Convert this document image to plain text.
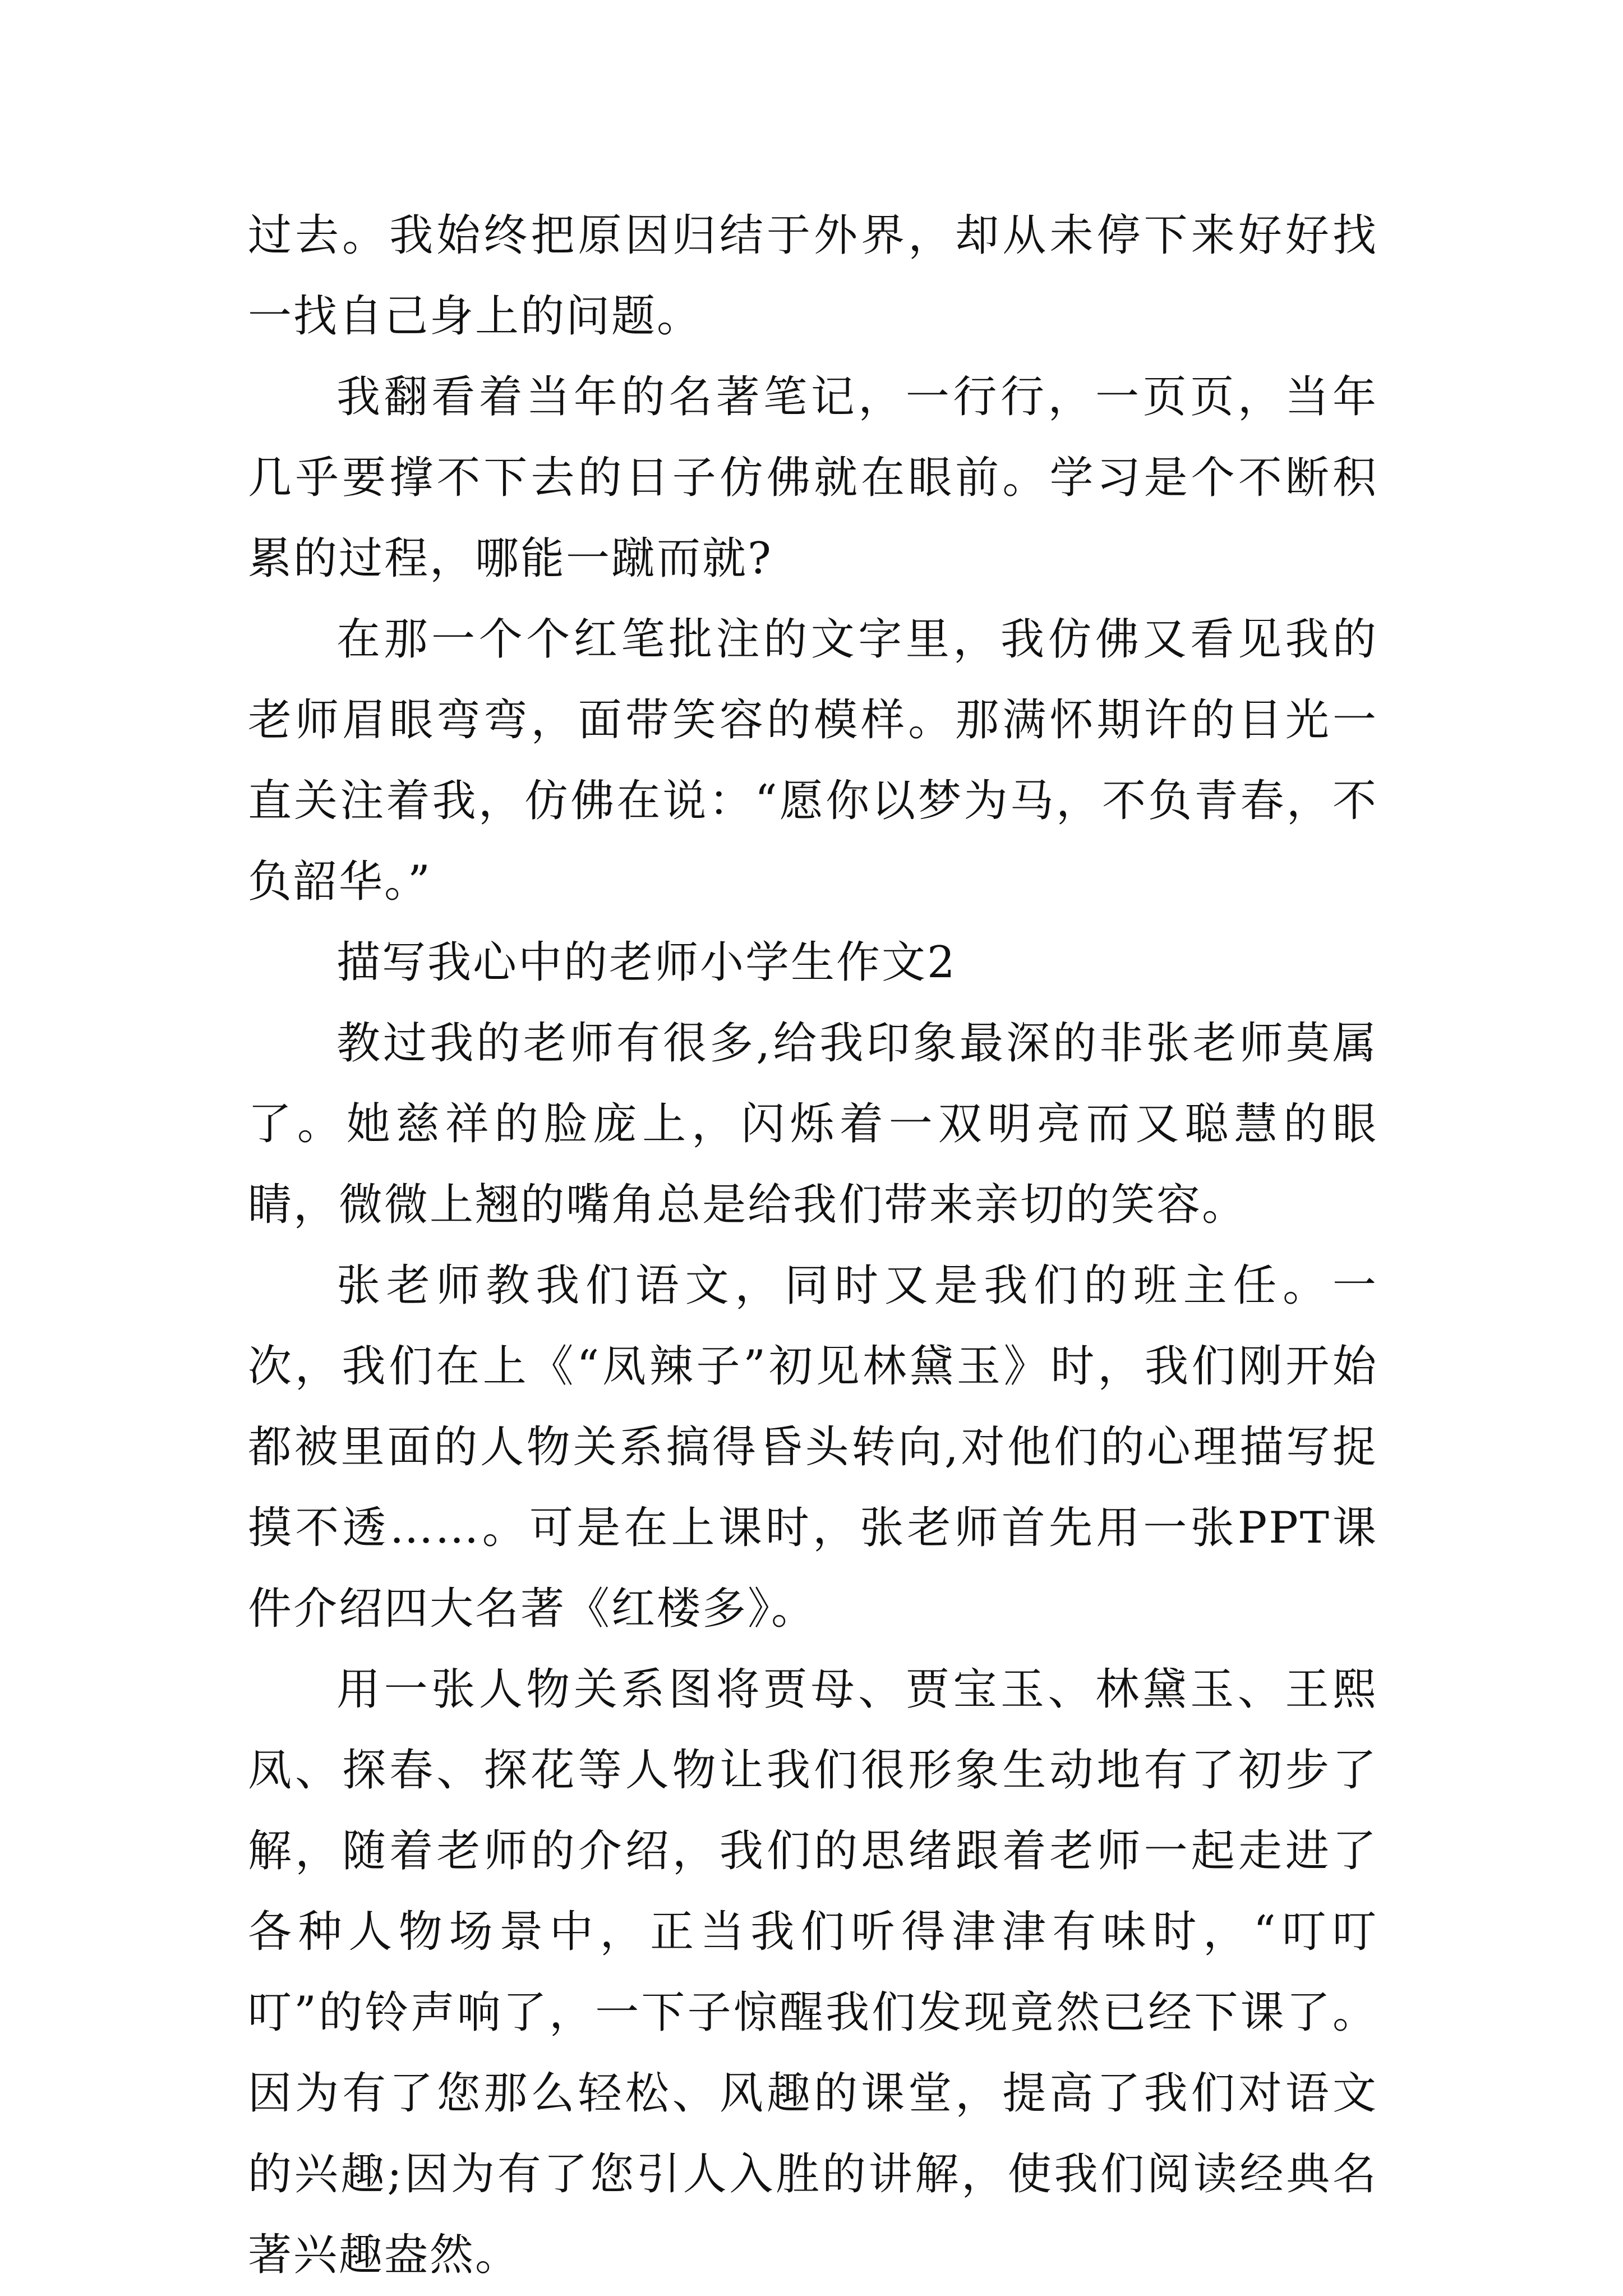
过去。我始终把原因归结于外界，却从未停下来好好找一找自己身上的问题。

我翻看着当年的名著笔记，一行行，一页页，当年几乎要撑不下去的日子仿佛就在眼前。学习是个不断积累的过程，哪能一蹴而就?

在那一个个红笔批注的文字里，我仿佛又看见我的老师眉眼弯弯，面带笑容的模样。那满怀期许的目光一直关注着我，仿佛在说：“愿你以梦为马，不负青春，不负韶华。”

描写我心中的老师小学生作文2

教过我的老师有很多,给我印象最深的非张老师莫属了。她慈祥的脸庞上，闪烁着一双明亮而又聪慧的眼睛，微微上翘的嘴角总是给我们带来亲切的笑容。

张老师教我们语文，同时又是我们的班主任。一次，我们在上《“凤辣子”初见林黛玉》时，我们刚开始都被里面的人物关系搞得昏头转向,对他们的心理描写捉摸不透……。可是在上课时，张老师首先用一张PPT课件介绍四大名著《红楼多》。

用一张人物关系图将贾母、贾宝玉、林黛玉、王熙凤、探春、探花等人物让我们很形象生动地有了初步了解，随着老师的介绍，我们的思绪跟着老师一起走进了各种人物场景中，正当我们听得津津有味时，“叮叮叮”的铃声响了，一下子惊醒我们发现竟然已经下课了。因为有了您那么轻松、风趣的课堂，提高了我们对语文的兴趣;因为有了您引人入胜的讲解，使我们阅读经典名著兴趣盎然。
